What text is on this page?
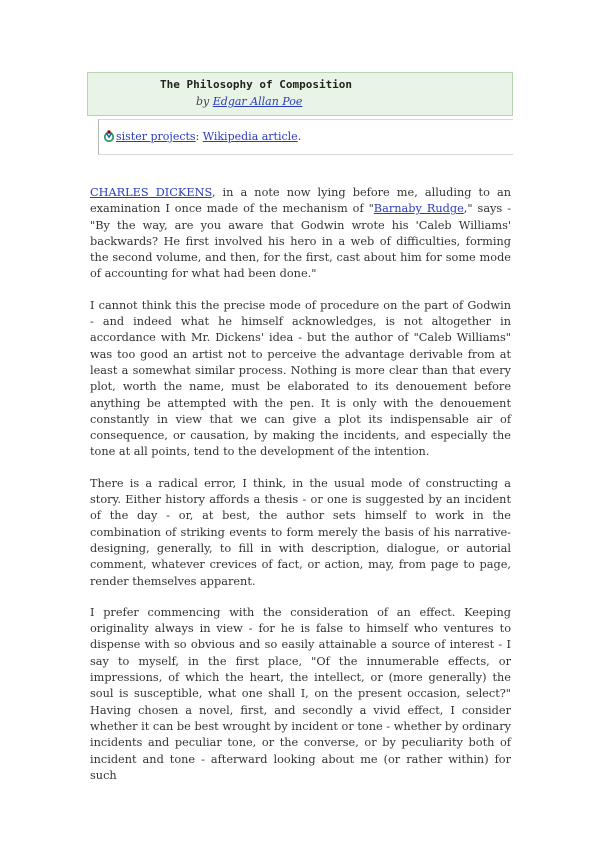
The Philosophy of Composition
by Edgar Allan Poe
sister projects: Wikipedia article.

CHARLES DICKENS, in a note now lying before me, alluding to an examination I once made of the mechanism of "Barnaby Rudge," says - "By the way, are you aware that Godwin wrote his 'Caleb Williams' backwards? He first involved his hero in a web of difficulties, forming the second volume, and then, for the first, cast about him for some mode of accounting for what had been done."

I cannot think this the precise mode of procedure on the part of Godwin - and indeed what he himself acknowledges, is not altogether in accordance with Mr. Dickens' idea - but the author of "Caleb Williams" was too good an artist not to perceive the advantage derivable from at least a somewhat similar process. Nothing is more clear than that every plot, worth the name, must be elaborated to its denouement before anything be attempted with the pen. It is only with the denouement constantly in view that we can give a plot its indispensable air of consequence, or causation, by making the incidents, and especially the tone at all points, tend to the development of the intention.

There is a radical error, I think, in the usual mode of constructing a story. Either history affords a thesis - or one is suggested by an incident of the day - or, at best, the author sets himself to work in the combination of striking events to form merely the basis of his narrative-designing, generally, to fill in with description, dialogue, or autorial comment, whatever crevices of fact, or action, may, from page to page, render themselves apparent.

I prefer commencing with the consideration of an effect. Keeping originality always in view - for he is false to himself who ventures to dispense with so obvious and so easily attainable a source of interest - I say to myself, in the first place, "Of the innumerable effects, or impressions, of which the heart, the intellect, or (more generally) the soul is susceptible, what one shall I, on the present occasion, select?" Having chosen a novel, first, and secondly a vivid effect, I consider whether it can be best wrought by incident or tone - whether by ordinary incidents and peculiar tone, or the converse, or by peculiarity both of incident and tone - afterward looking about me (or rather within) for such
